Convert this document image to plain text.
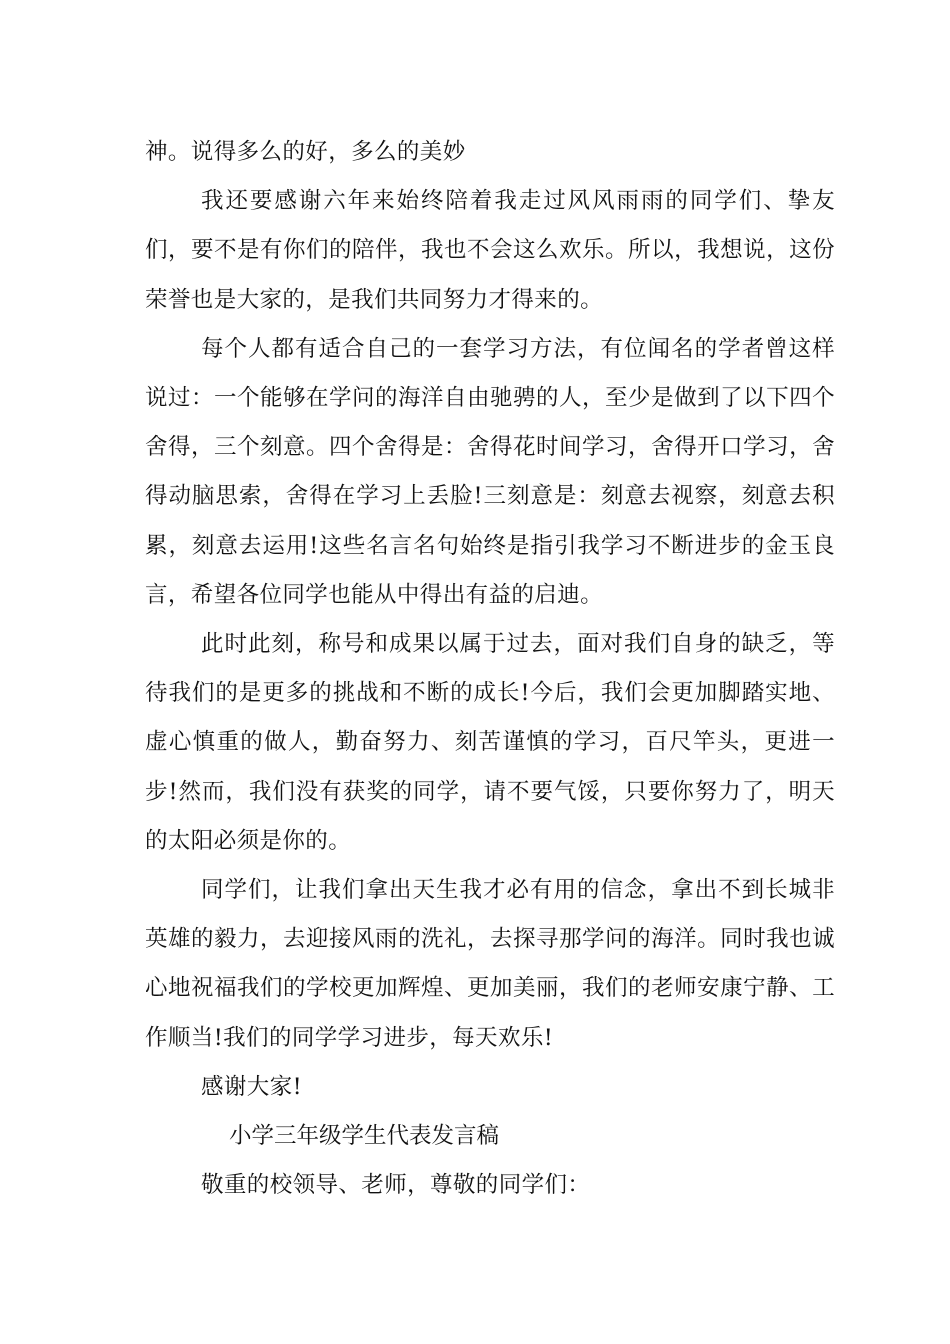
神。说得多么的好，多么的美妙

我还要感谢六年来始终陪着我走过风风雨雨的同学们、挚友们，要不是有你们的陪伴，我也不会这么欢乐。所以，我想说，这份荣誉也是大家的，是我们共同努力才得来的。

每个人都有适合自己的一套学习方法，有位闻名的学者曾这样说过：一个能够在学问的海洋自由驰骋的人，至少是做到了以下四个舍得，三个刻意。四个舍得是：舍得花时间学习，舍得开口学习，舍得动脑思索，舍得在学习上丢脸!三刻意是：刻意去视察，刻意去积累，刻意去运用!这些名言名句始终是指引我学习不断进步的金玉良言，希望各位同学也能从中得出有益的启迪。

此时此刻，称号和成果以属于过去，面对我们自身的缺乏，等待我们的是更多的挑战和不断的成长!今后，我们会更加脚踏实地、虚心慎重的做人，勤奋努力、刻苦谨慎的学习，百尺竿头，更进一步!然而，我们没有获奖的同学，请不要气馁，只要你努力了，明天的太阳必须是你的。

同学们，让我们拿出天生我才必有用的信念，拿出不到长城非英雄的毅力，去迎接风雨的洗礼，去探寻那学问的海洋。同时我也诚心地祝福我们的学校更加辉煌、更加美丽，我们的老师安康宁静、工作顺当!我们的同学学习进步，每天欢乐!

感谢大家!

小学三年级学生代表发言稿

敬重的校领导、老师，尊敬的同学们：
